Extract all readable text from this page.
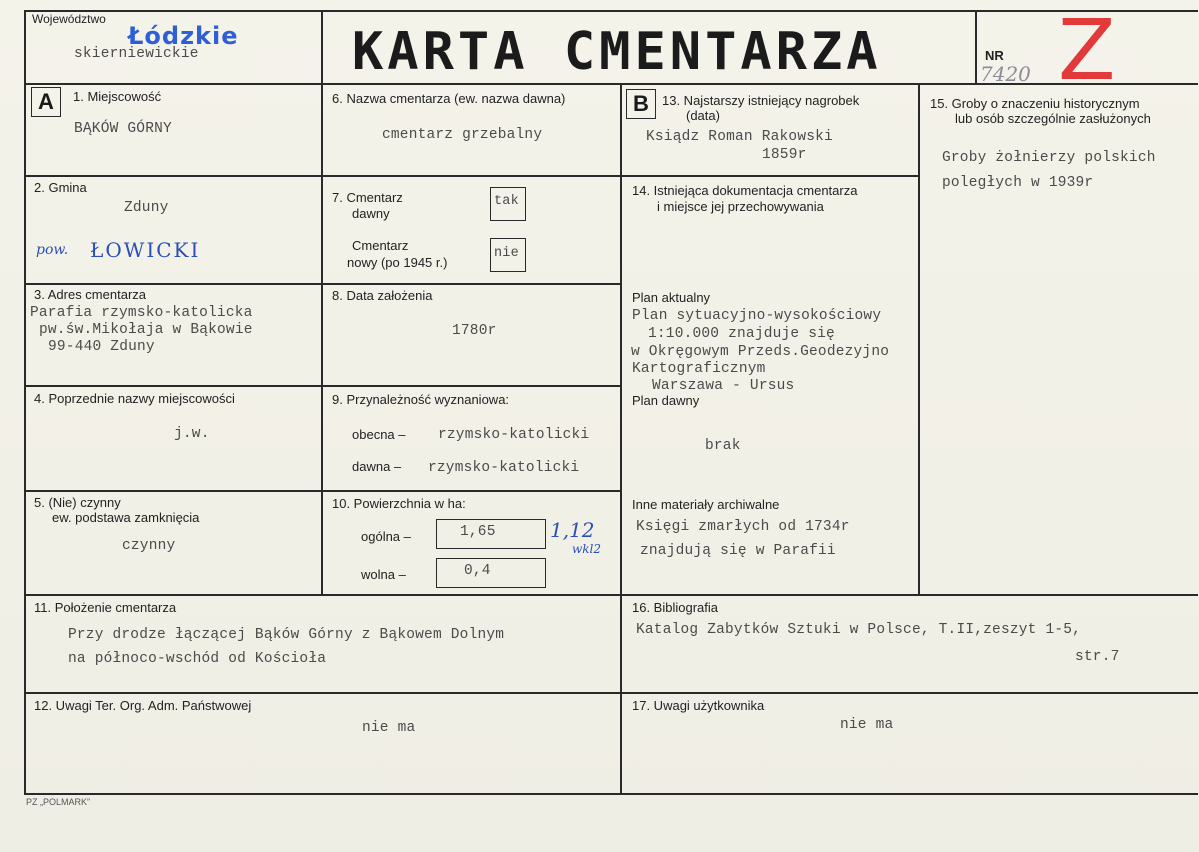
Województwo
Łódzkie
skierniewickie	KARTA CMENTARZA	NR
7420 Z
A	B
1. Miejscowość
BĄKÓW GÓRNY
2. Gmina
Zduny
pow. ŁOWICKI
3. Adres cmentarza
Parafia rzymsko-katolicka
pw.św.Mikołaja w Bąkowie
99-440 Zduny
4. Poprzednie nazwy miejscowości
j.w.
5. (Nie) czynny
ew. podstawa zamknięcia
czynny
6. Nazwa cmentarza (ew. nazwa dawna)
cmentarz grzebalny
7. Cmentarz
dawny
tak
Cmentarz
nowy (po 1945 r.)
nie
8. Data założenia
1780r
9. Przynależność wyznaniowa:
obecna – rzymsko-katolicki
dawna – rzymsko-katolicki
10. Powierzchnia w ha:
ogólna –	1,65	1,12
wkl2
wolna –	0,4
11. Położenie cmentarza
Przy drodze łączącej Bąków Górny z Bąkowem Dolnym
na północo-wschód od Kościoła
12. Uwagi Ter. Org. Adm. Państwowej
nie ma
13. Najstarszy istniejący nagrobek
(data)
Ksiądz Roman Rakowski
1859r
14. Istniejąca dokumentacja cmentarza
i miejsce jej przechowywania
Plan aktualny
Plan sytuacyjno-wysokościowy
1:10.000 znajduje się
w Okręgowym Przeds.Geodezyjno
Kartograficznym
Warszawa - Ursus
Plan dawny
brak
Inne materiały archiwalne
Księgi zmarłych od 1734r
znajdują się w Parafii
15. Groby o znaczeniu historycznym
lub osób szczególnie zasłużonych
Groby żołnierzy polskich
poległych w 1939r
16. Bibliografia
Katalog Zabytków Sztuki w Polsce, T.II,zeszyt 1-5,
str.7
17. Uwagi użytkownika
nie ma
PZ „POLMARK”
